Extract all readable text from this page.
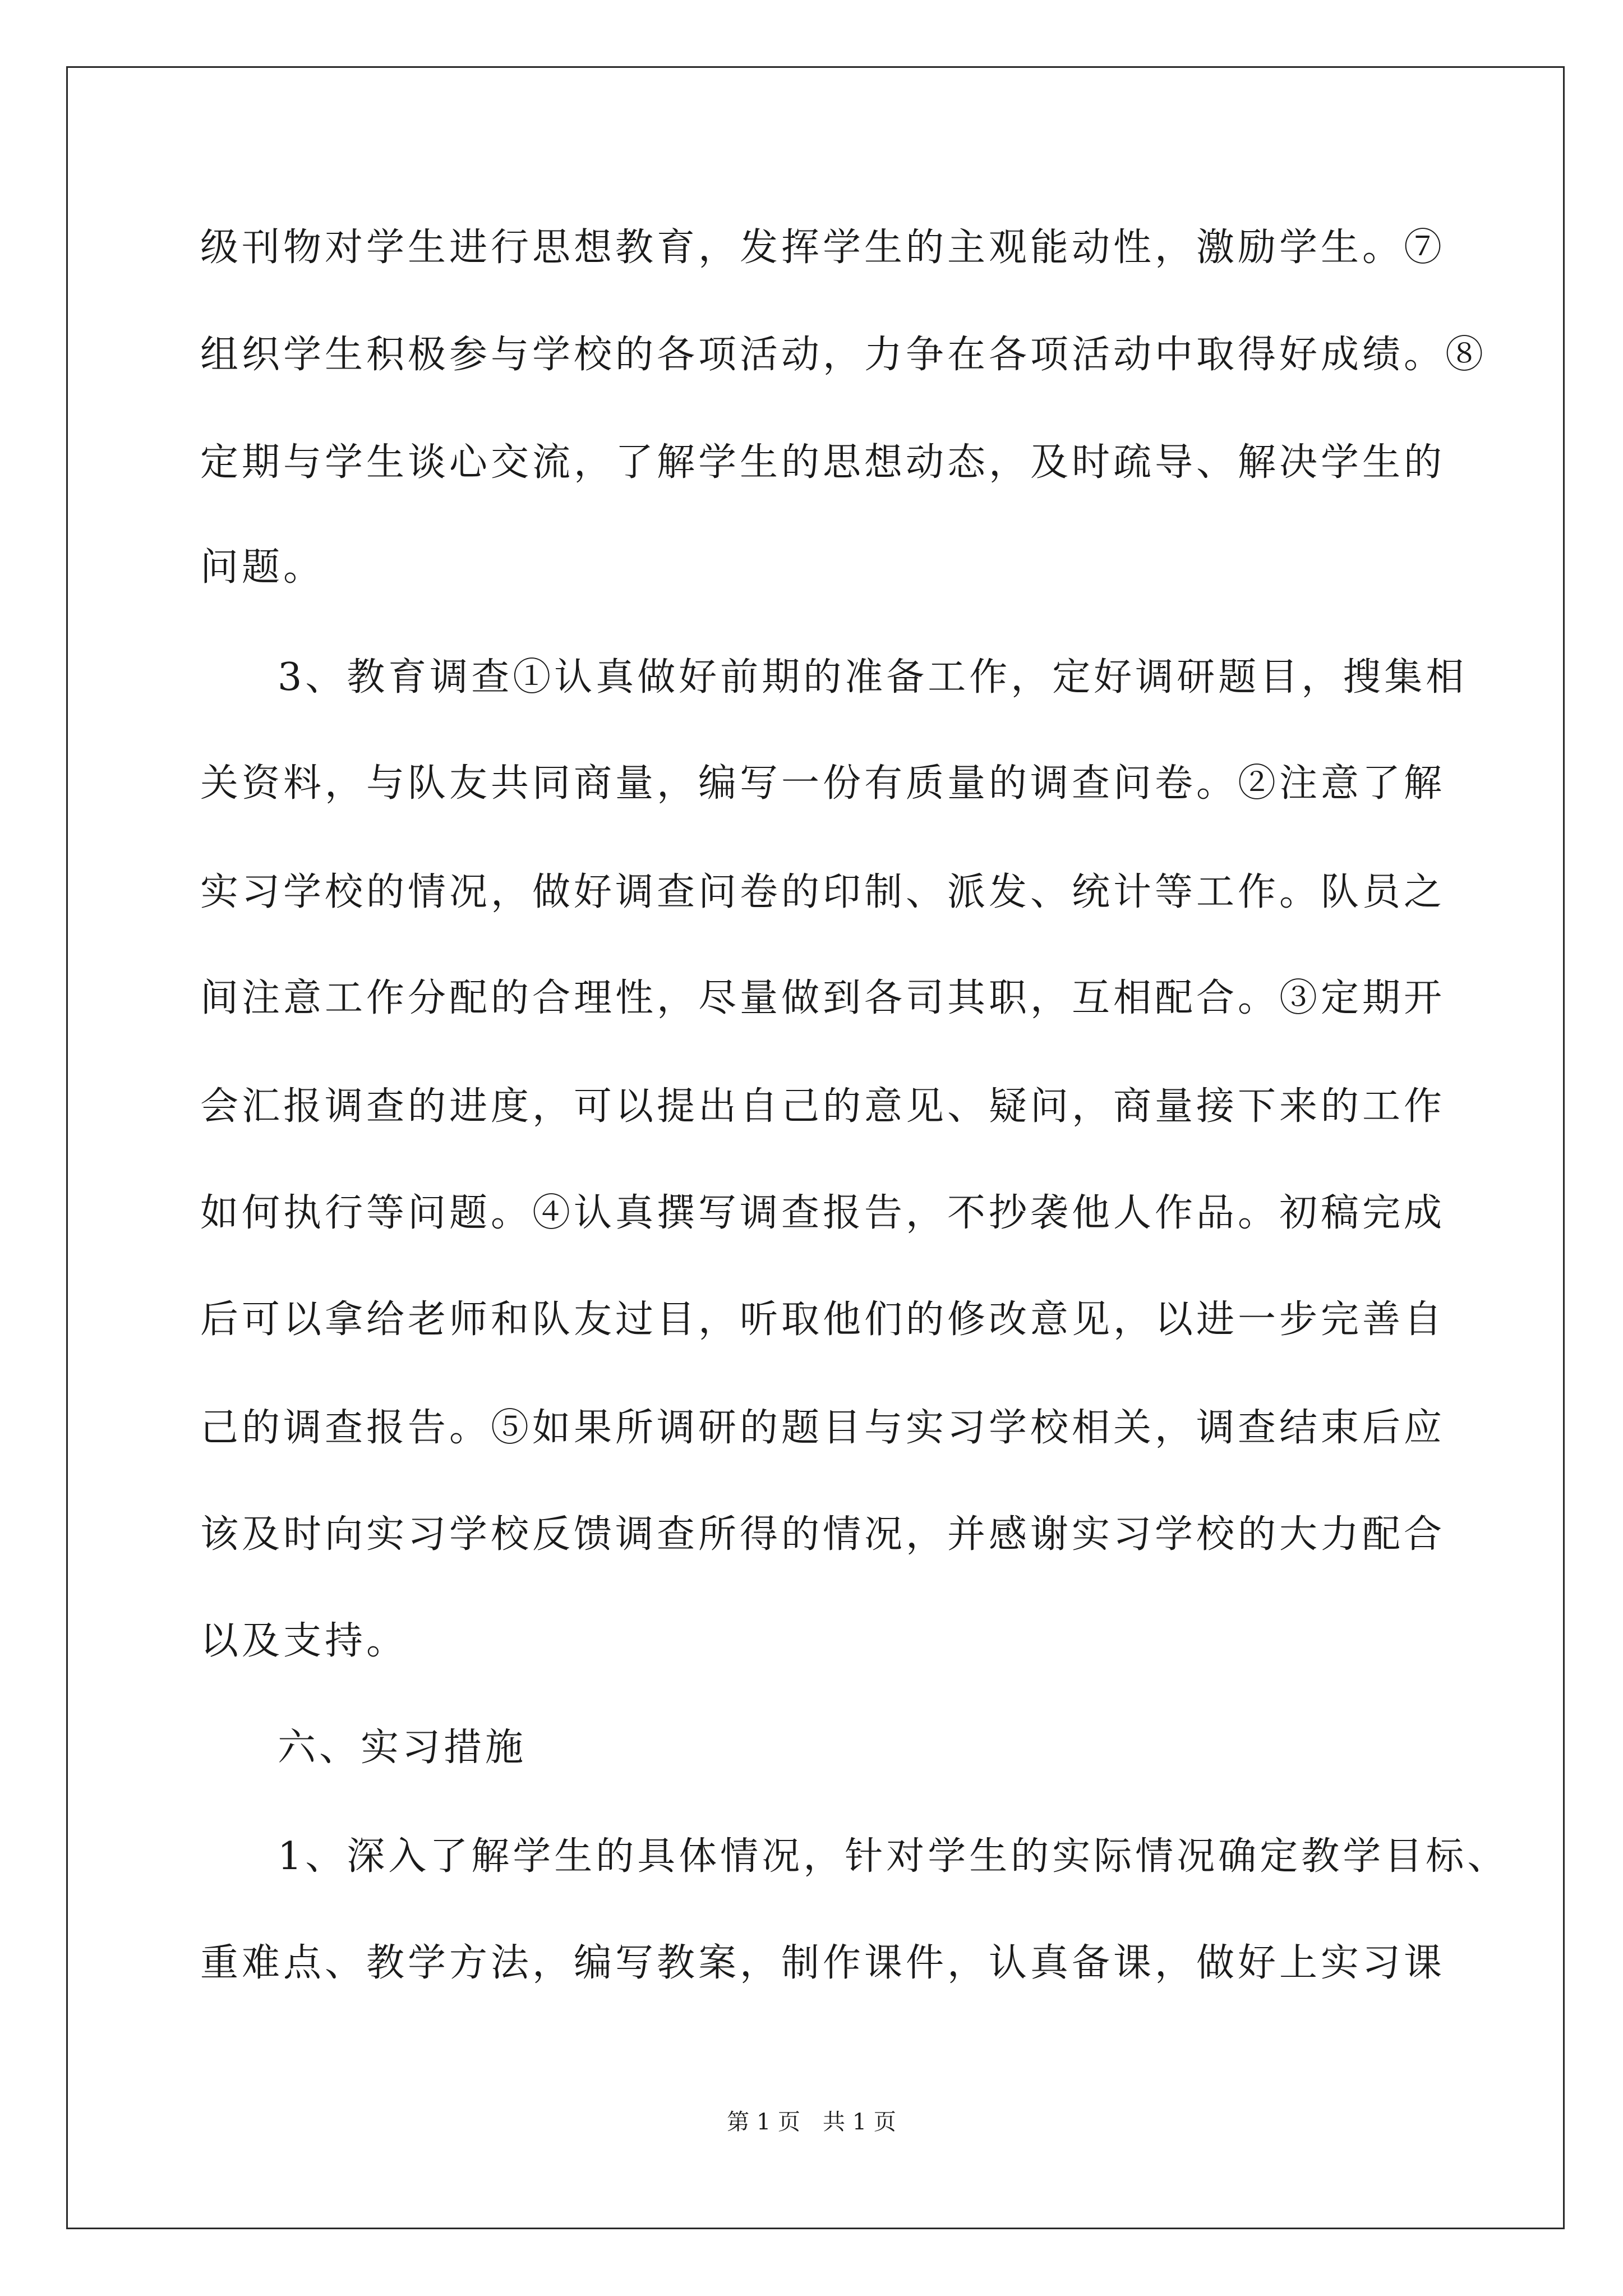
级刊物对学生进行思想教育，发挥学生的主观能动性，激励学生。⑦
组织学生积极参与学校的各项活动，力争在各项活动中取得好成绩。⑧
定期与学生谈心交流，了解学生的思想动态，及时疏导、解决学生的
问题。
3、教育调查①认真做好前期的准备工作，定好调研题目，搜集相
关资料，与队友共同商量，编写一份有质量的调查问卷。②注意了解
实习学校的情况，做好调查问卷的印制、派发、统计等工作。队员之
间注意工作分配的合理性，尽量做到各司其职，互相配合。③定期开
会汇报调查的进度，可以提出自己的意见、疑问，商量接下来的工作
如何执行等问题。④认真撰写调查报告，不抄袭他人作品。初稿完成
后可以拿给老师和队友过目，听取他们的修改意见，以进一步完善自
己的调查报告。⑤如果所调研的题目与实习学校相关，调查结束后应
该及时向实习学校反馈调查所得的情况，并感谢实习学校的大力配合
以及支持。
六、实习措施
1、深入了解学生的具体情况，针对学生的实际情况确定教学目标、
重难点、教学方法，编写教案，制作课件，认真备课，做好上实习课
第 1 页　共 1 页
